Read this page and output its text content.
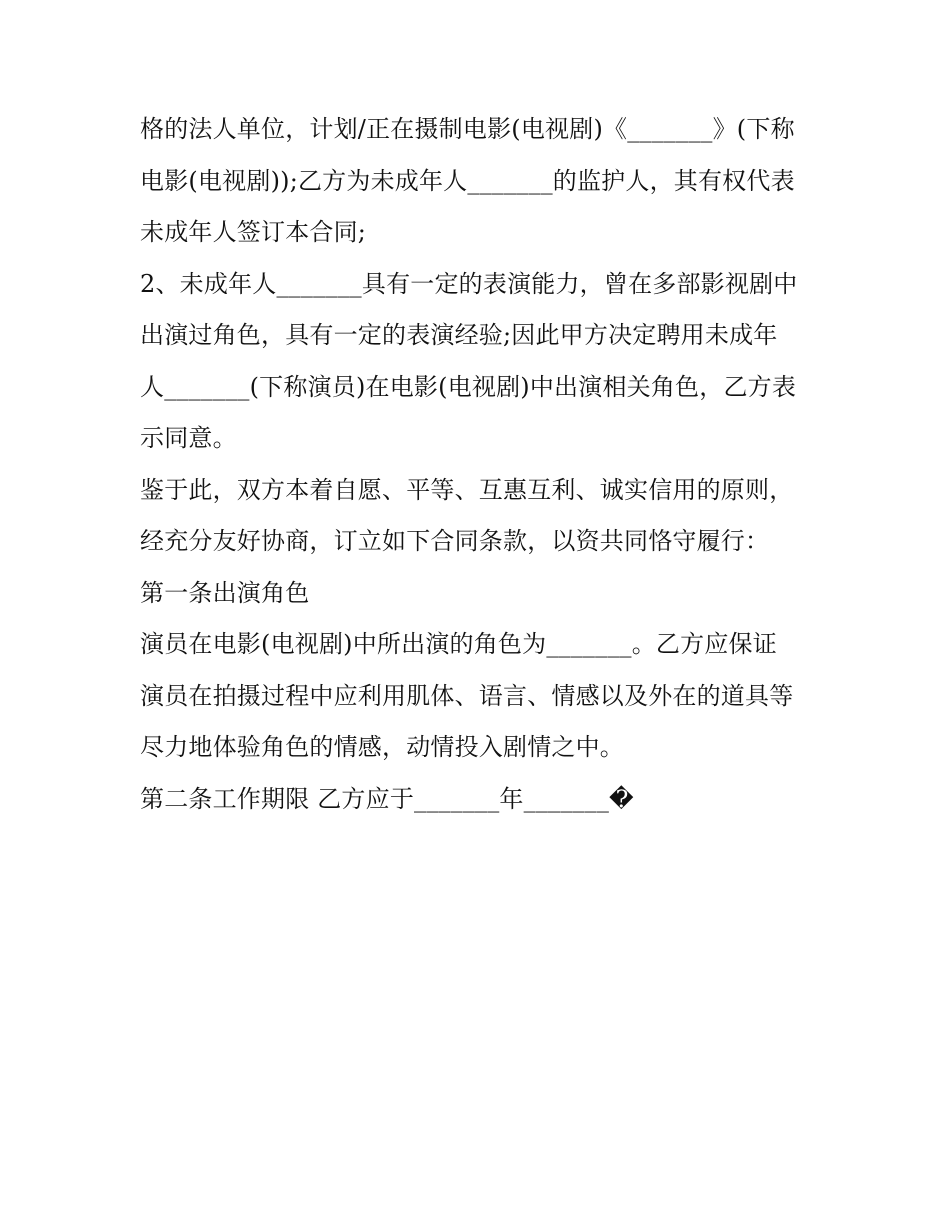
格的法人单位，计划/正在摄制电影(电视剧)《_______》(下称
电影(电视剧));乙方为未成年人_______的监护人，其有权代表
未成年人签订本合同;
2、未成年人_______具有一定的表演能力，曾在多部影视剧中
出演过角色，具有一定的表演经验;因此甲方决定聘用未成年
人_______(下称演员)在电影(电视剧)中出演相关角色，乙方表
示同意。
鉴于此，双方本着自愿、平等、互惠互利、诚实信用的原则，
经充分友好协商，订立如下合同条款，以资共同恪守履行：
第一条出演角色
演员在电影(电视剧)中所出演的角色为_______。乙方应保证
演员在拍摄过程中应利用肌体、语言、情感以及外在的道具等
尽力地体验角色的情感，动情投入剧情之中。
第二条工作期限 乙方应于_______年_______�
